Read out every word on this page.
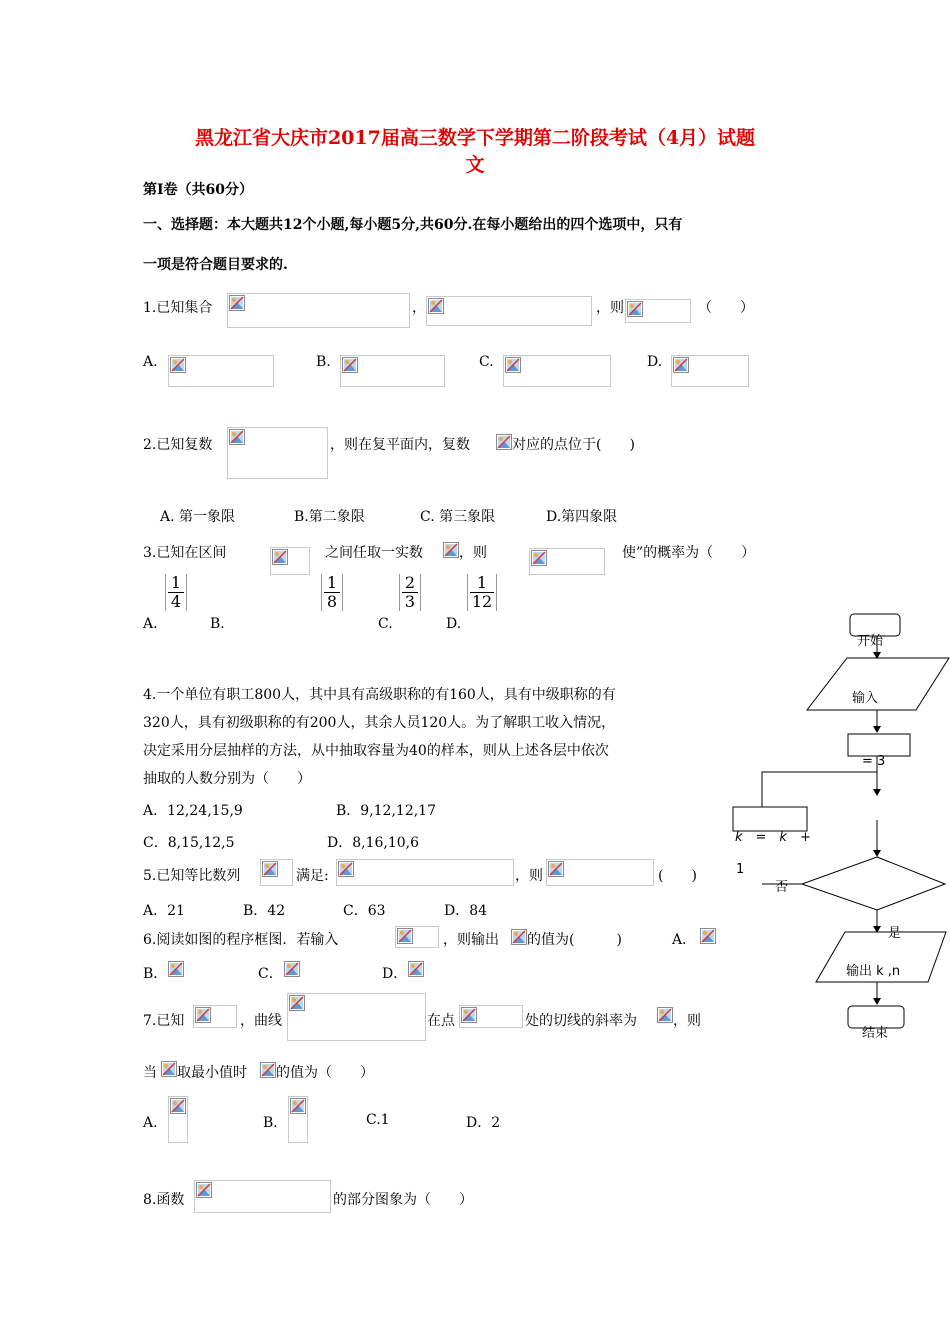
黑龙江省大庆市2017届高三数学下学期第二阶段考试（4月）试题
文
第Ⅰ卷（共60分）
一、选择题：本大题共12个小题,每小题5分,共60分.在每小题给出的四个选项中，只有
一项是符合题目要求的.
1.已知集合	，	，则	（　　）
A.	B.	C.	D.
2.已知复数	，则在复平面内，复数	对应的点位于(　　)
A. 第一象限	B.第二象限	C. 第三象限	D.第四象限
3.已知在区间	之间任取一实数	，则	使”的概率为（　　）
$\frac{1}{4}$	$\frac{1}{8}$	$\frac{2}{3}$	$\frac{1}{12}$
A.	B.	C.	D.
4.一个单位有职工800人，其中具有高级职称的有160人，具有中级职称的有
320人，具有初级职称的有200人，其余人员120人。为了解职工收入情况，
决定采用分层抽样的方法，从中抽取容量为40的样本，则从上述各层中依次
抽取的人数分别为（　　）
A．12,24,15,9	B．9,12,12,17
C．8,15,12,5	D．8,16,10,6
5.已知等比数列	满足:	，则	(　　)
A．21	B．42	C．63	D．84
6.阅读如图的程序框图．若输入	，则输出 的值为(　　　)	A．
B．	C．	D．
7.已知	，曲线	在点	处的切线的斜率为	，则
当 取最小值时 的值为（　　）
A．	B．	C.1	D．2
8.函数	的部分图象为（　　）
开始
输入
= 3
k　=　k　+
1
否
是
输出 k ,n
结束
